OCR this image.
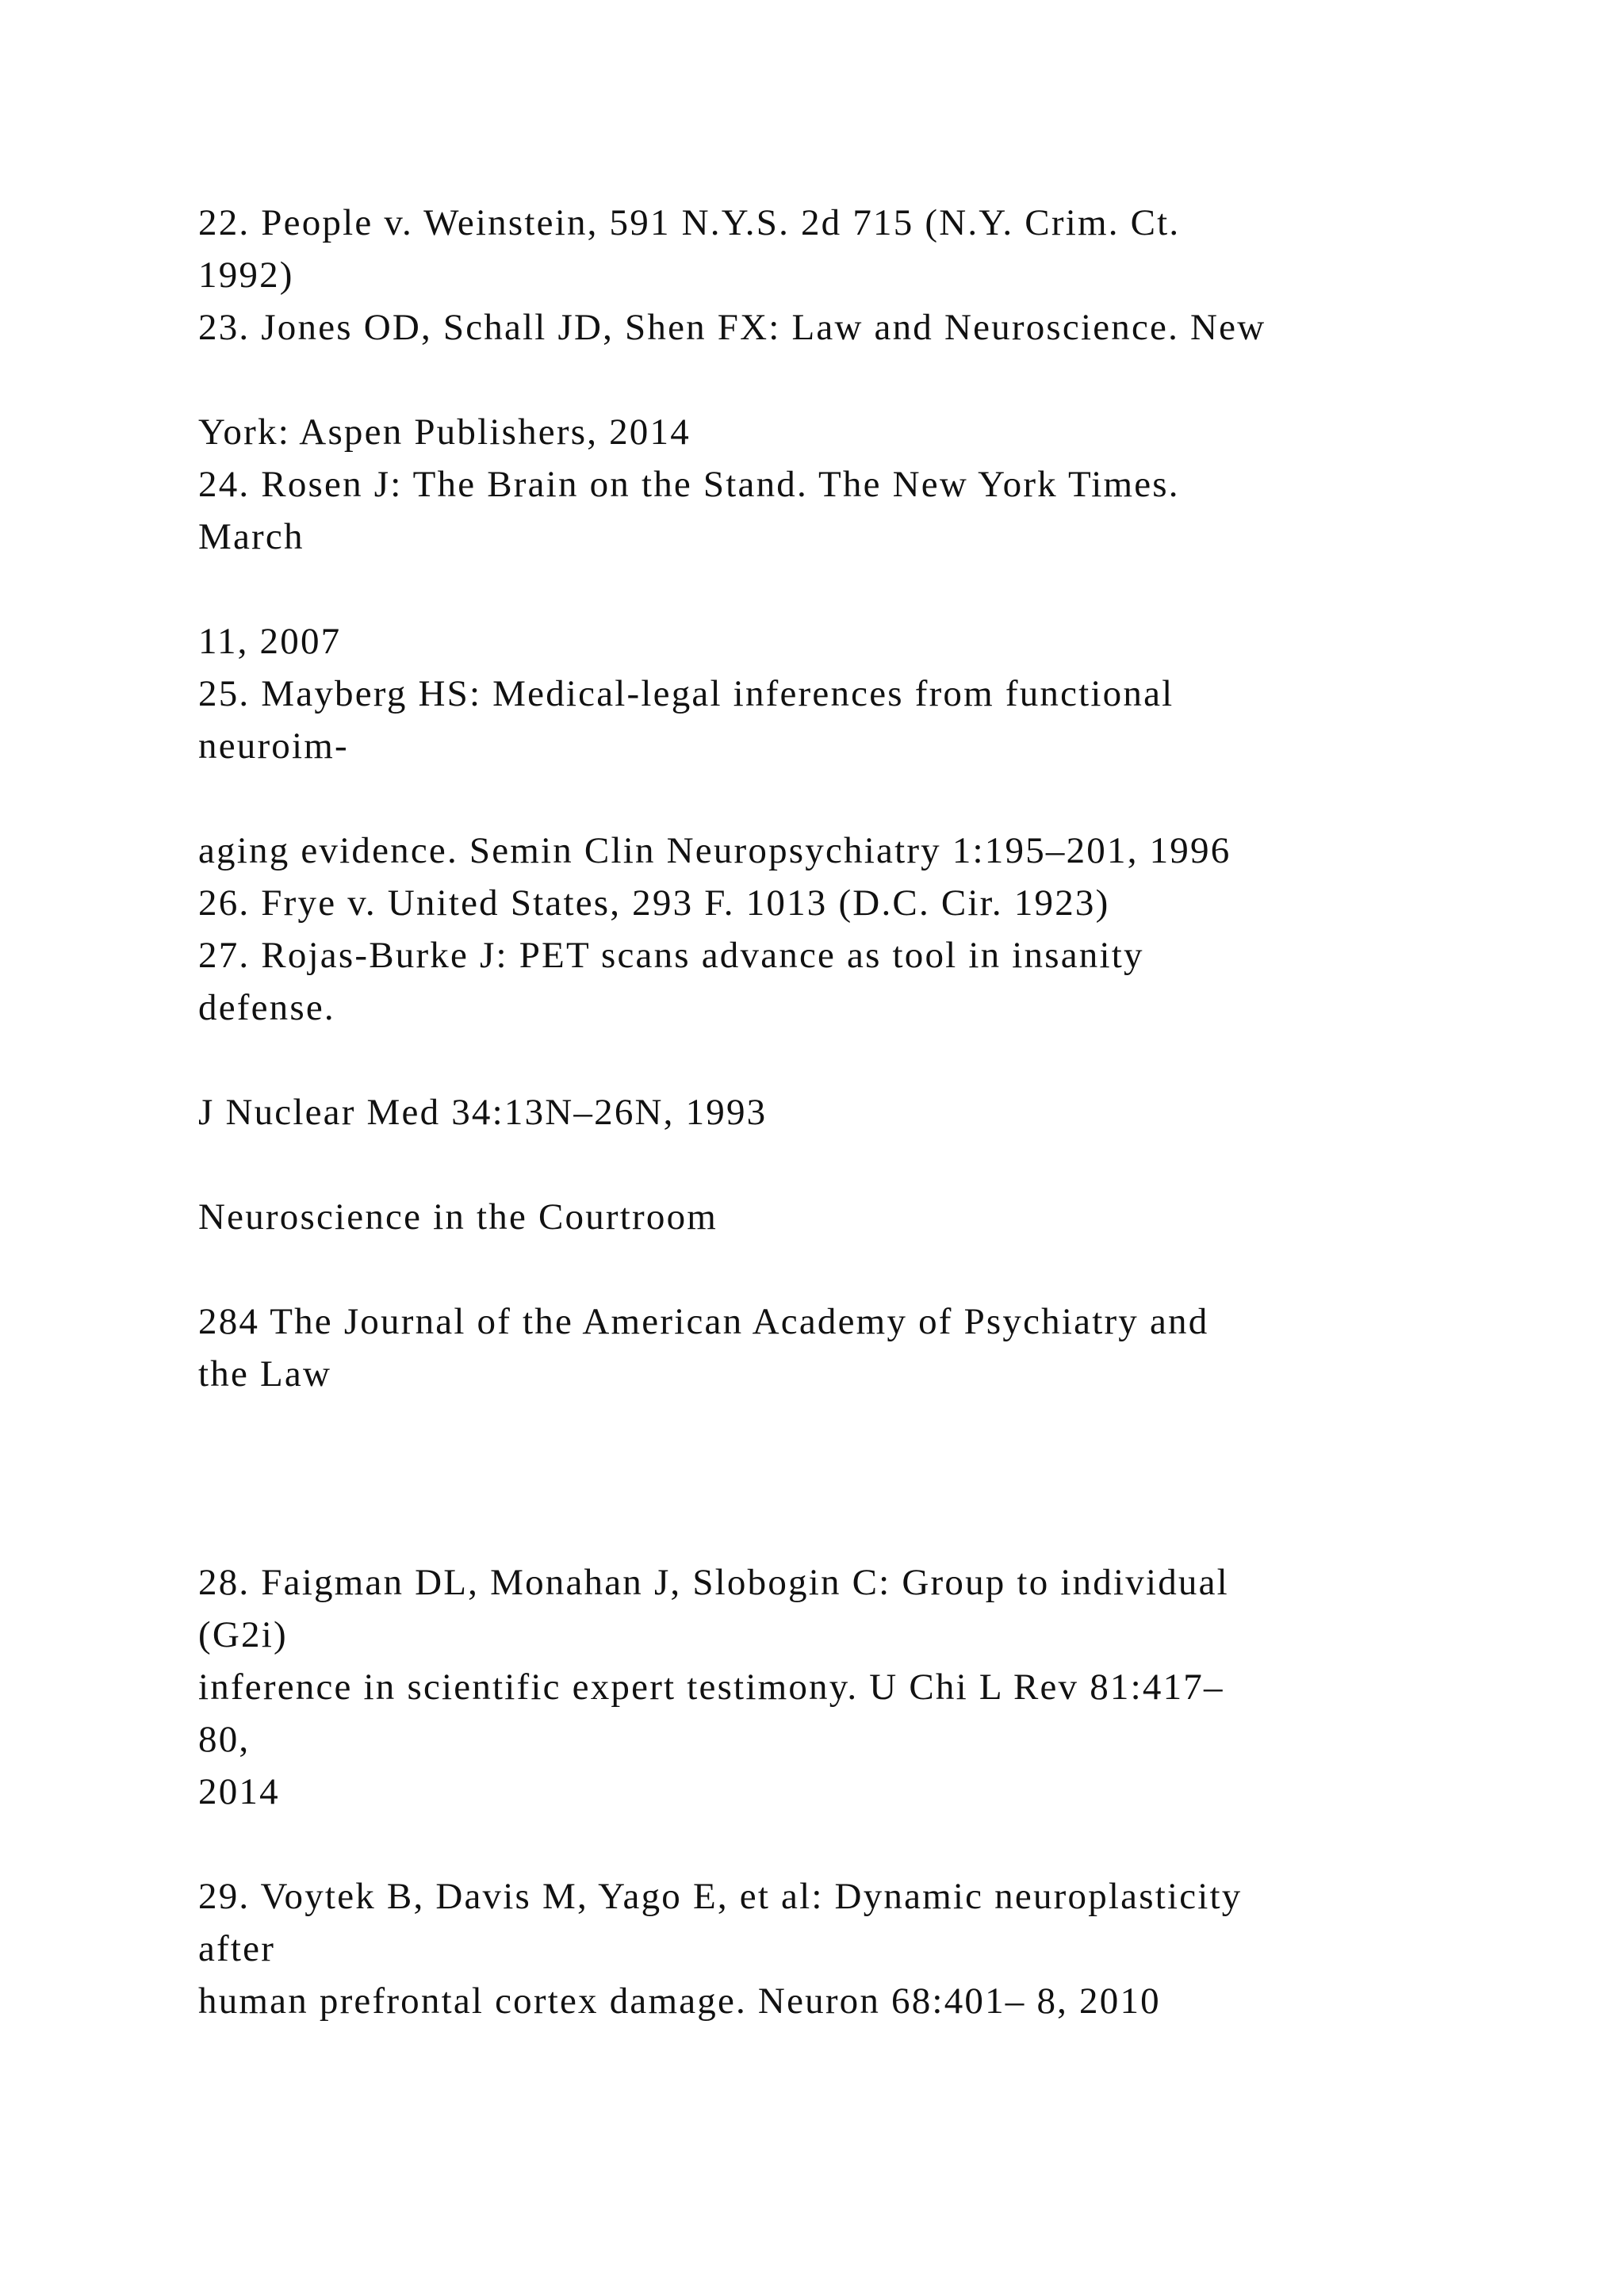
22. People v. Weinstein, 591 N.Y.S. 2d 715 (N.Y. Crim. Ct.

1992)

23. Jones OD, Schall JD, Shen FX: Law and Neuroscience. New

York: Aspen Publishers, 2014

24. Rosen J: The Brain on the Stand. The New York Times.

March

11, 2007

25. Mayberg HS: Medical-legal inferences from functional

neuroim-

aging evidence. Semin Clin Neuropsychiatry 1:195–201, 1996

26. Frye v. United States, 293 F. 1013 (D.C. Cir. 1923)

27. Rojas-Burke J: PET scans advance as tool in insanity

defense.

J Nuclear Med 34:13N–26N, 1993

Neuroscience in the Courtroom

284 The Journal of the American Academy of Psychiatry and

the Law

28. Faigman DL, Monahan J, Slobogin C: Group to individual

(G2i)

inference in scientific expert testimony. U Chi L Rev 81:417–

80,

2014

29. Voytek B, Davis M, Yago E, et al: Dynamic neuroplasticity

after

human prefrontal cortex damage. Neuron 68:401– 8, 2010
